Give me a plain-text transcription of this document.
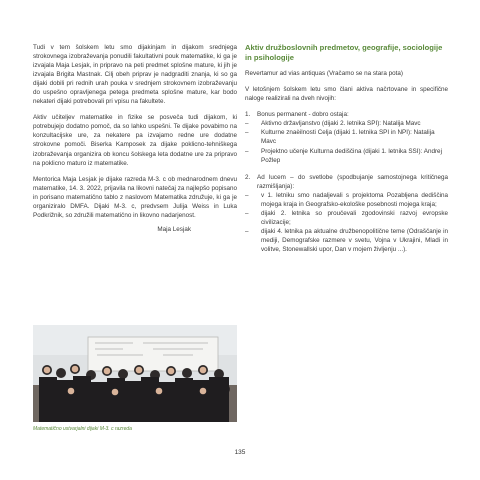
Tudi v tem šolskem letu smo dijakinjam in dijakom srednjega strokovnega izobraževanja ponudili fakultativni pouk matematike, ki ga je izvajala Maja Lesjak, in pripravo na peti predmet splošne mature, ki jih je izvajala Brigita Mastnak. Cilj obeh priprav je nadgraditi znanja, ki so ga dijaki dobili pri rednih urah pouka v srednjem strokovnem izobraževanju do uspešno opravljenega petega predmeta splošne mature, kar bodo nekateri dijaki potrebovali pri vpisu na fakultete.

Aktiv učiteljev matematike in fizike se posveča tudi dijakom, ki potrebujejo dodatno pomoč, da so lahko uspešni. Te dijake povabimo na konzultacijske ure, za nekatere pa izvajamo redne ure dodatne strokovne pomoči. Biserka Kamposek za dijake poklicno-tehniškega izobraževanja organizira ob koncu šolskega leta dodatne ure za pripravo na poklicno maturo iz matematike.

Mentorica Maja Lesjak je dijake razreda M-3. c ob mednarodnem dnevu matematike, 14. 3. 2022, prijavila na likovni natečaj za najlepšo popisano in porisano matematično tablo z naslovom Matematika združuje, ki ga je organiziralo DMFA. Dijaki M-3. c, predvsem Julija Weiss in Luka Podkrižnik, so združili matematično in likovno nadarjenost.

Maja Lesjak

Matematično ustvarjalni dijaki M-3. c razreda
Aktiv družboslovnih predmetov, geografije, sociologije in psihologije

Revertamur ad vias antiquas (Vračamo se na stara pota)

V letošnjem šolskem letu smo člani aktiva načrtovane in specifične naloge realizirali na dveh nivojih:

1. Bonus permanent - dobro ostaja:
– Aktivno državljanstvo (dijaki 2. letnika SPI): Natalija Mavc
– Kulturne znaèilnosti Celja (dijaki 1. letnika SPI in NPI): Natalija Mavc
– Projektno učenje Kulturna dediščina (dijaki 1. letnika SSI): Andrej Požlep
2. Ad lucem – do svetlobe (spodbujanje samostojnega kritičnega razmišljanja):
– v 1. letniku smo nadaljevali s projektoma Pozabljena dediščina mojega kraja in Geografsko-ekološke posebnosti mojega kraja;
– dijaki 2. letnika so proučevali zgodovinski razvoj evropske civilizacije;
– dijaki 4. letnika pa aktualne družbenopolitične teme (Odraščanje in mediji, Demografske razmere v svetu, Vojna v Ukrajini, Mladi in volitve, Stonewallski upor, Dan v mojem življenju ...).
135
